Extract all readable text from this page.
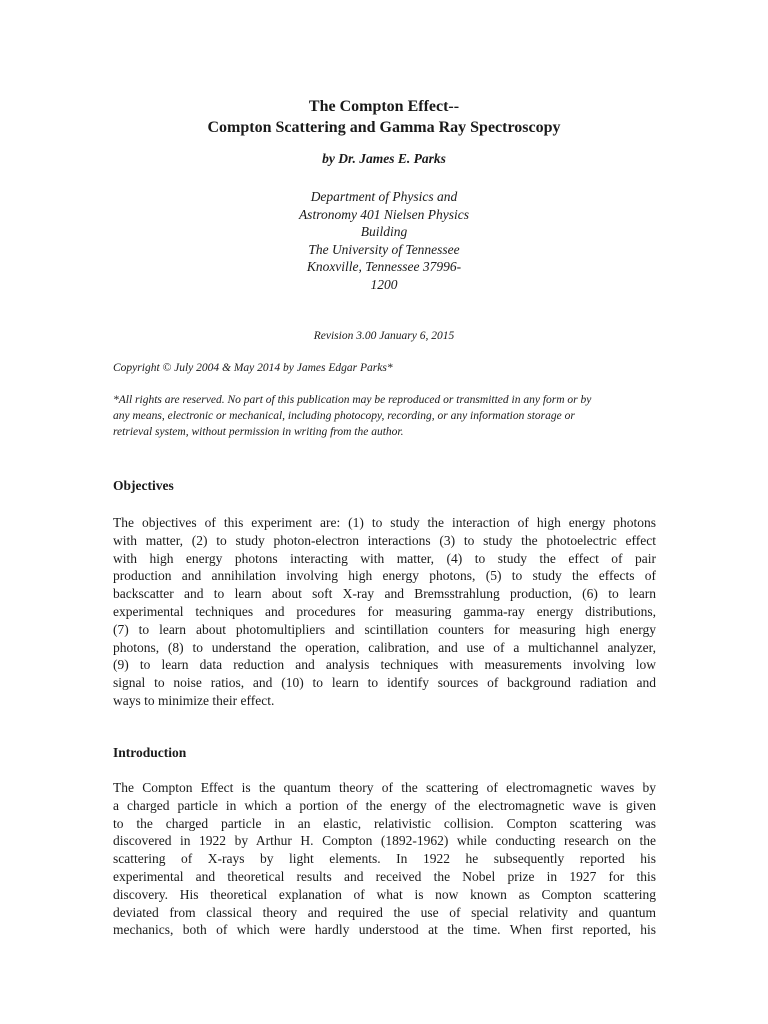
The Compton Effect--
Compton Scattering and Gamma Ray Spectroscopy
by Dr. James E. Parks
Department of Physics and
Astronomy 401 Nielsen Physics
Building
The University of Tennessee
Knoxville, Tennessee 37996-
1200
Revision 3.00 January 6, 2015
Copyright © July 2004 & May 2014 by James Edgar Parks*
*All rights are reserved. No part of this publication may be reproduced or transmitted in any form or by
any means, electronic or mechanical, including photocopy, recording, or any information storage or
retrieval system, without permission in writing from the author.
Objectives
The objectives of this experiment are: (1) to study the interaction of high energy photons
with matter, (2) to study photon-electron interactions (3) to study the photoelectric effect
with high energy photons interacting with matter, (4) to study the effect of pair
production and annihilation involving high energy photons, (5) to study the effects of
backscatter and to learn about soft X-ray and Bremsstrahlung production, (6) to learn
experimental techniques and procedures for measuring gamma-ray energy distributions,
(7) to learn about photomultipliers and scintillation counters for measuring high energy
photons, (8) to understand the operation, calibration, and use of a multichannel analyzer,
(9) to learn data reduction and analysis techniques with measurements involving low
signal to noise ratios, and (10) to learn to identify sources of background radiation and
ways to minimize their effect.
Introduction
The Compton Effect is the quantum theory of the scattering of electromagnetic waves by
a charged particle in which a portion of the energy of the electromagnetic wave is given
to the charged particle in an elastic, relativistic collision. Compton scattering was
discovered in 1922 by Arthur H. Compton (1892-1962) while conducting research on the
scattering of X-rays by light elements. In 1922 he subsequently reported his
experimental and theoretical results and received the Nobel prize in 1927 for this
discovery. His theoretical explanation of what is now known as Compton scattering
deviated from classical theory and required the use of special relativity and quantum
mechanics, both of which were hardly understood at the time. When first reported, his
